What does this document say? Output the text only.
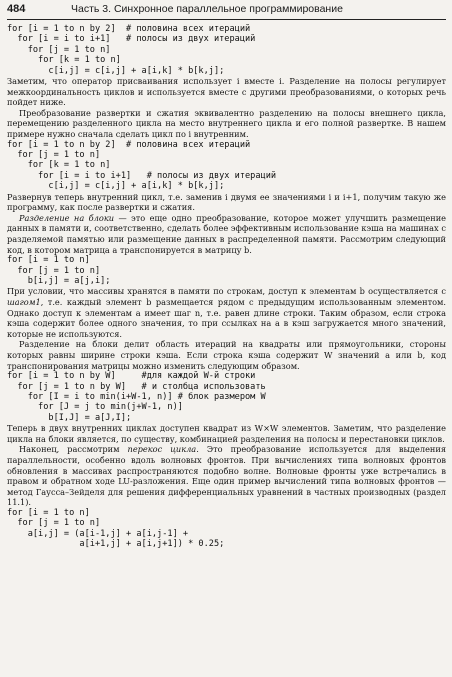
484	Часть 3. Синхронное параллельное программирование
for [i = 1 to n by 2]  # половина всех итераций
for [i = i to i+1]   # полосы из двух итераций
for [j = 1 to n]
for [k = 1 to n]
c[i,j] = c[i,j] + a[i,k] * b[k,j];

Заметим, что оператор присваивания использует i вместе i. Разделение на полосы регулирует межкоординальность циклов и используется вместе с другими преобразованиями, о которых речь пойдет ниже.

Преобразование развертки и сжатия эквивалентно разделению на полосы внешнего цикла, перемещению разделенного цикла на место внутреннего цикла и его полной развертке. В нашем примере нужно сначала сделать цикл по i внутренним.

for [i = 1 to n by 2]  # половина всех итераций
for [j = 1 to n]
for [k = 1 to n]
for [i = i to i+1]   # полосы из двух итераций
c[i,j] = c[i,j] + a[i,k] * b[k,j];

Развернув теперь внутренний цикл, т.е. заменив i двумя ее значениями i и i+1, получим такую же программу, как после развертки и сжатия.

Разделение на блоки — это еще одно преобразование, которое может улучшить размещение данных в памяти и, соответственно, сделать более эффективным использование кэша на машинах с разделяемой памятью или размещение данных в распределенной памяти. Рассмотрим следующий код, в котором матрица а транспонируется в матрицу b.

for [i = 1 to n]
for [j = 1 to n]
b[i,j] = a[j,i];

При условии, что массивы хранятся в памяти по строкам, доступ к элементам b осуществляется с шагом1, т.е. каждый элемент b размещается рядом с предыдущим использованным элементом. Однако доступ к элементам a имеет шаг n, т.е. равен длине строки. Таким образом, если строка кэша содержит более одного значения, то при ссылках на a в кэш загружается много значений, которые не используются.

Разделение на блоки делит область итераций на квадраты или прямоугольники, стороны которых равны ширине строки кэша. Если строка кэша содержит W значений a или b, код транспонирования матрицы можно изменить следующим образом.

for [i = 1 to n by W]     #для каждой W-й строки
for [j = 1 to n by W]   # и столбца использовать
for [I = i to min(i+W-1, n)] # блок размером W
for [J = j to min(j+W-1, n)]
b[I,J] = a[J,I];

Теперь в двух внутренних циклах доступен квадрат из W×W элементов. Заметим, что разделение цикла на блоки является, по существу, комбинацией разделения на полосы и перестановки циклов.

Наконец, рассмотрим перекос цикла. Это преобразование используется для выделения параллельности, особенно вдоль волновых фронтов. При вычислениях типа волновых фронтов обновления в массивах распространяются подобно волне. Волновые фронты уже встречались в правом и обратном ходе LU-разложения. Еще один пример вычислений типа волновых фронтов — метод Гаусса–Зейделя для решения дифференциальных уравнений в частных производных (раздел 11.1).

for [i = 1 to n]
for [j = 1 to n]
a[i,j] = (a[i-1,j] + a[i,j-1] +
a[i+1,j] + a[i,j+1]) * 0.25;
